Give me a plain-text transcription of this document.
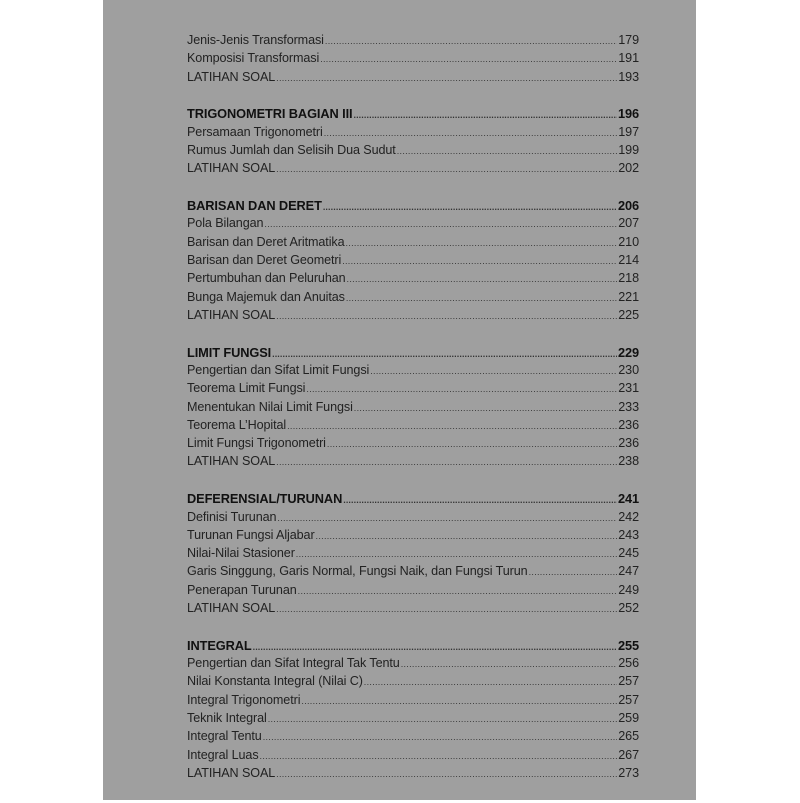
Jenis-Jenis Transformasi .....	179
Komposisi Transformasi .....	191
LATIHAN SOAL .....	193
TRIGONOMETRI BAGIAN III .....	196
Persamaan Trigonometri .....	197
Rumus Jumlah dan Selisih Dua Sudut .....	199
LATIHAN SOAL .....	202
BARISAN DAN DERET .....	206
Pola Bilangan .....	207
Barisan dan Deret Aritmatika .....	210
Barisan dan Deret Geometri .....	214
Pertumbuhan dan Peluruhan .....	218
Bunga Majemuk dan Anuitas .....	221
LATIHAN SOAL .....	225
LIMIT FUNGSI .....	229
Pengertian dan Sifat Limit Fungsi .....	230
Teorema Limit Fungsi .....	231
Menentukan Nilai Limit Fungsi .....	233
Teorema L’Hopital .....	236
Limit Fungsi Trigonometri .....	236
LATIHAN SOAL .....	238
DEFERENSIAL/TURUNAN .....	241
Definisi Turunan .....	242
Turunan Fungsi Aljabar .....	243
Nilai-Nilai Stasioner .....	245
Garis Singgung, Garis Normal, Fungsi Naik, dan Fungsi Turun .....	247
Penerapan Turunan .....	249
LATIHAN SOAL .....	252
INTEGRAL .....	255
Pengertian dan Sifat Integral Tak Tentu .....	256
Nilai Konstanta Integral (Nilai C) .....	257
Integral Trigonometri .....	257
Teknik Integral .....	259
Integral Tentu .....	265
Integral Luas .....	267
LATIHAN SOAL .....	273
